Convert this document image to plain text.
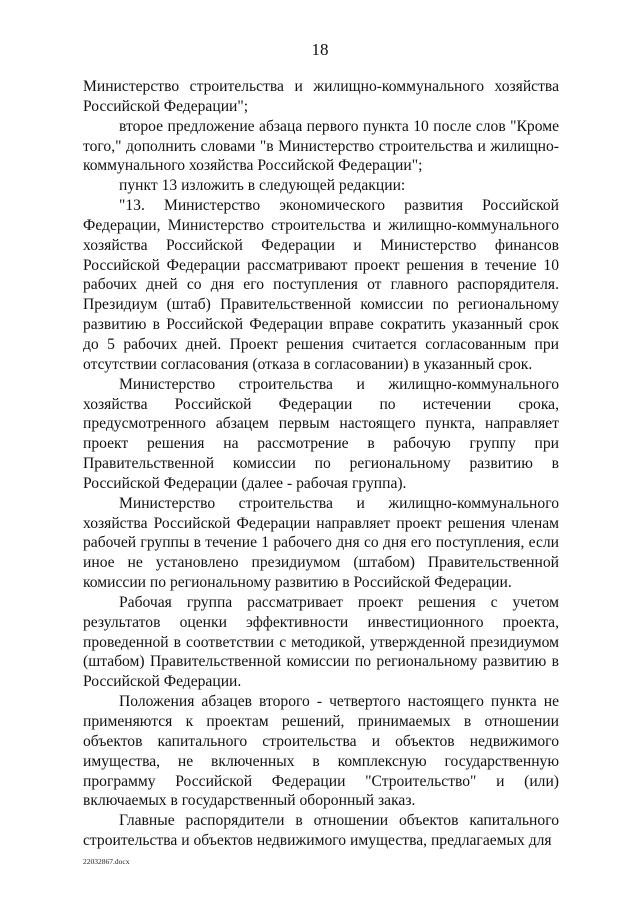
18

Министерство строительства и жилищно-коммунального хозяйства Российской Федерации";

второе предложение абзаца первого пункта 10 после слов "Кроме того," дополнить словами "в Министерство строительства и жилищно-коммунального хозяйства Российской Федерации";

пункт 13 изложить в следующей редакции:

"13. Министерство экономического развития Российской Федерации, Министерство строительства и жилищно-коммунального хозяйства Российской Федерации и Министерство финансов Российской Федерации рассматривают проект решения в течение 10 рабочих дней со дня его поступления от главного распорядителя. Президиум (штаб) Правительственной комиссии по региональному развитию в Российской Федерации вправе сократить указанный срок до 5 рабочих дней. Проект решения считается согласованным при отсутствии согласования (отказа в согласовании) в указанный срок.

Министерство строительства и жилищно-коммунального хозяйства Российской Федерации по истечении срока, предусмотренного абзацем первым настоящего пункта, направляет проект решения на рассмотрение в рабочую группу при Правительственной комиссии по региональному развитию в Российской Федерации (далее - рабочая группа).

Министерство строительства и жилищно-коммунального хозяйства Российской Федерации направляет проект решения членам рабочей группы в течение 1 рабочего дня со дня его поступления, если иное не установлено президиумом (штабом) Правительственной комиссии по региональному развитию в Российской Федерации.

Рабочая группа рассматривает проект решения с учетом результатов оценки эффективности инвестиционного проекта, проведенной в соответствии с методикой, утвержденной президиумом (штабом) Правительственной комиссии по региональному развитию в Российской Федерации.

Положения абзацев второго - четвертого настоящего пункта не применяются к проектам решений, принимаемых в отношении объектов капитального строительства и объектов недвижимого имущества, не включенных в комплексную государственную программу Российской Федерации "Строительство" и (или) включаемых в государственный оборонный заказ.

Главные распорядители в отношении объектов капитального строительства и объектов недвижимого имущества, предлагаемых для

22032867.docx
